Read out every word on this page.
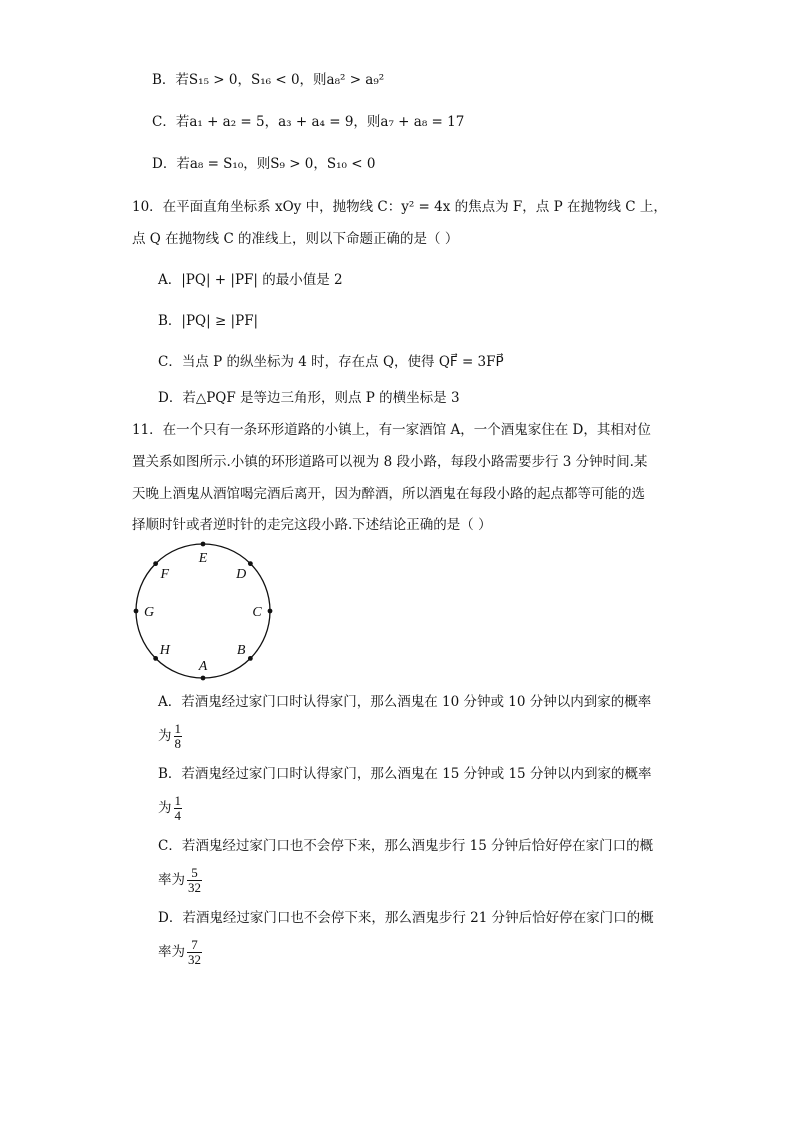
B．若S₁₅ > 0，S₁₆ < 0，则a₈² > a₉²
C．若a₁ + a₂ = 5，a₃ + a₄ = 9，则a₇ + a₈ = 17
D．若a₈ = S₁₀，则S₉ > 0，S₁₀ < 0
10．在平面直角坐标系 xOy 中，抛物线 C：y² = 4x 的焦点为 F，点 P 在抛物线 C 上，
点 Q 在抛物线 C 的准线上，则以下命题正确的是（ ）
A．|PQ| + |PF| 的最小值是 2
B．|PQ| ≥ |PF|
C．当点 P 的纵坐标为 4 时，存在点 Q，使得 QF⃗ = 3FP⃗
D．若△PQF 是等边三角形，则点 P 的横坐标是 3
11．在一个只有一条环形道路的小镇上，有一家酒馆 A，一个酒鬼家住在 D，其相对位
置关系如图所示.小镇的环形道路可以视为 8 段小路，每段小路需要步行 3 分钟时间.某
天晚上酒鬼从酒馆喝完酒后离开，因为醉酒，所以酒鬼在每段小路的起点都等可能的选
择顺时针或者逆时针的走完这段小路.下述结论正确的是（ ）
E
D
C
B
A
H
G
F
A．若酒鬼经过家门口时认得家门，那么酒鬼在 10 分钟或 10 分钟以内到家的概率
为 $\frac{1}{8}$
B．若酒鬼经过家门口时认得家门，那么酒鬼在 15 分钟或 15 分钟以内到家的概率
为 $\frac{1}{4}$
C．若酒鬼经过家门口也不会停下来，那么酒鬼步行 15 分钟后恰好停在家门口的概
率为 $\frac{5}{32}$
D．若酒鬼经过家门口也不会停下来，那么酒鬼步行 21 分钟后恰好停在家门口的概
率为 $\frac{7}{32}$
